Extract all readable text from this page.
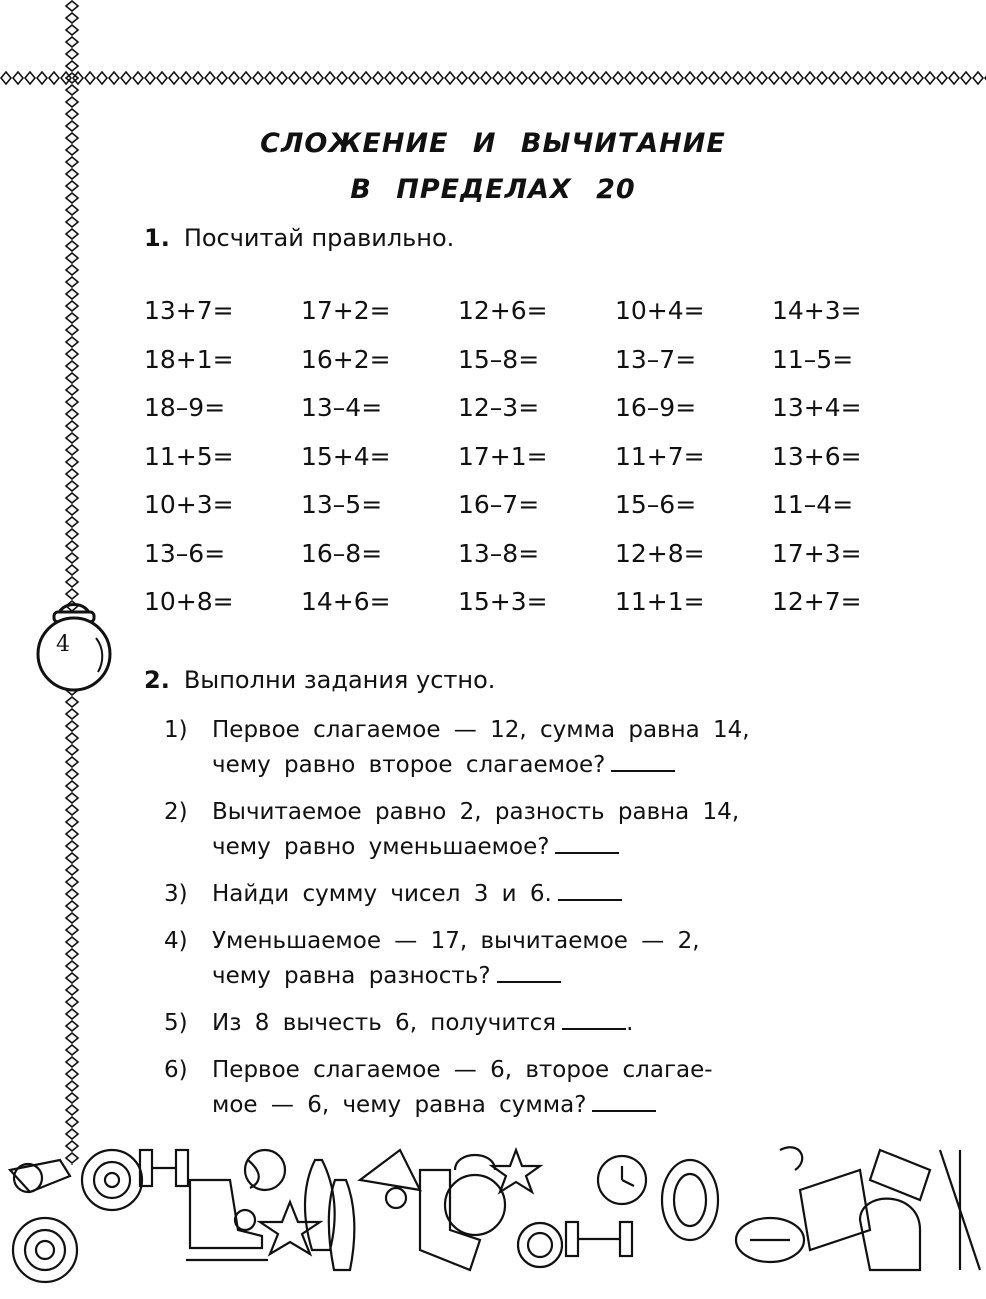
СЛОЖЕНИЕ И ВЫЧИТАНИЕ
В ПРЕДЕЛАХ 20
4

1. Посчитай правильно.

13+7=	17+2=	12+6=	10+4=	14+3=
18+1=	16+2=	15–8=	13–7=	11–5=
18–9=	13–4=	12–3=	16–9=	13+4=
11+5=	15+4=	17+1=	11+7=	13+6=
10+3=	13–5=	16–7=	15–6=	11–4=
13–6=	16–8=	13–8=	12+8=	17+3=
10+8=	14+6=	15+3=	11+1=	12+7=

2. Выполни задания устно.

1)	Первое слагаемое — 12, сумма равна 14,
чему равно второе слагаемое?
2)	Вычитаемое равно 2, разность равна 14,
чему равно уменьшаемое?
3)	Найди сумму чисел 3 и 6.
4)	Уменьшаемое — 17, вычитаемое — 2,
чему равна разность?
5)	Из 8 вычесть 6, получится	.
6)	Первое слагаемое — 6, второе слагае-
мое — 6, чему равна сумма?
